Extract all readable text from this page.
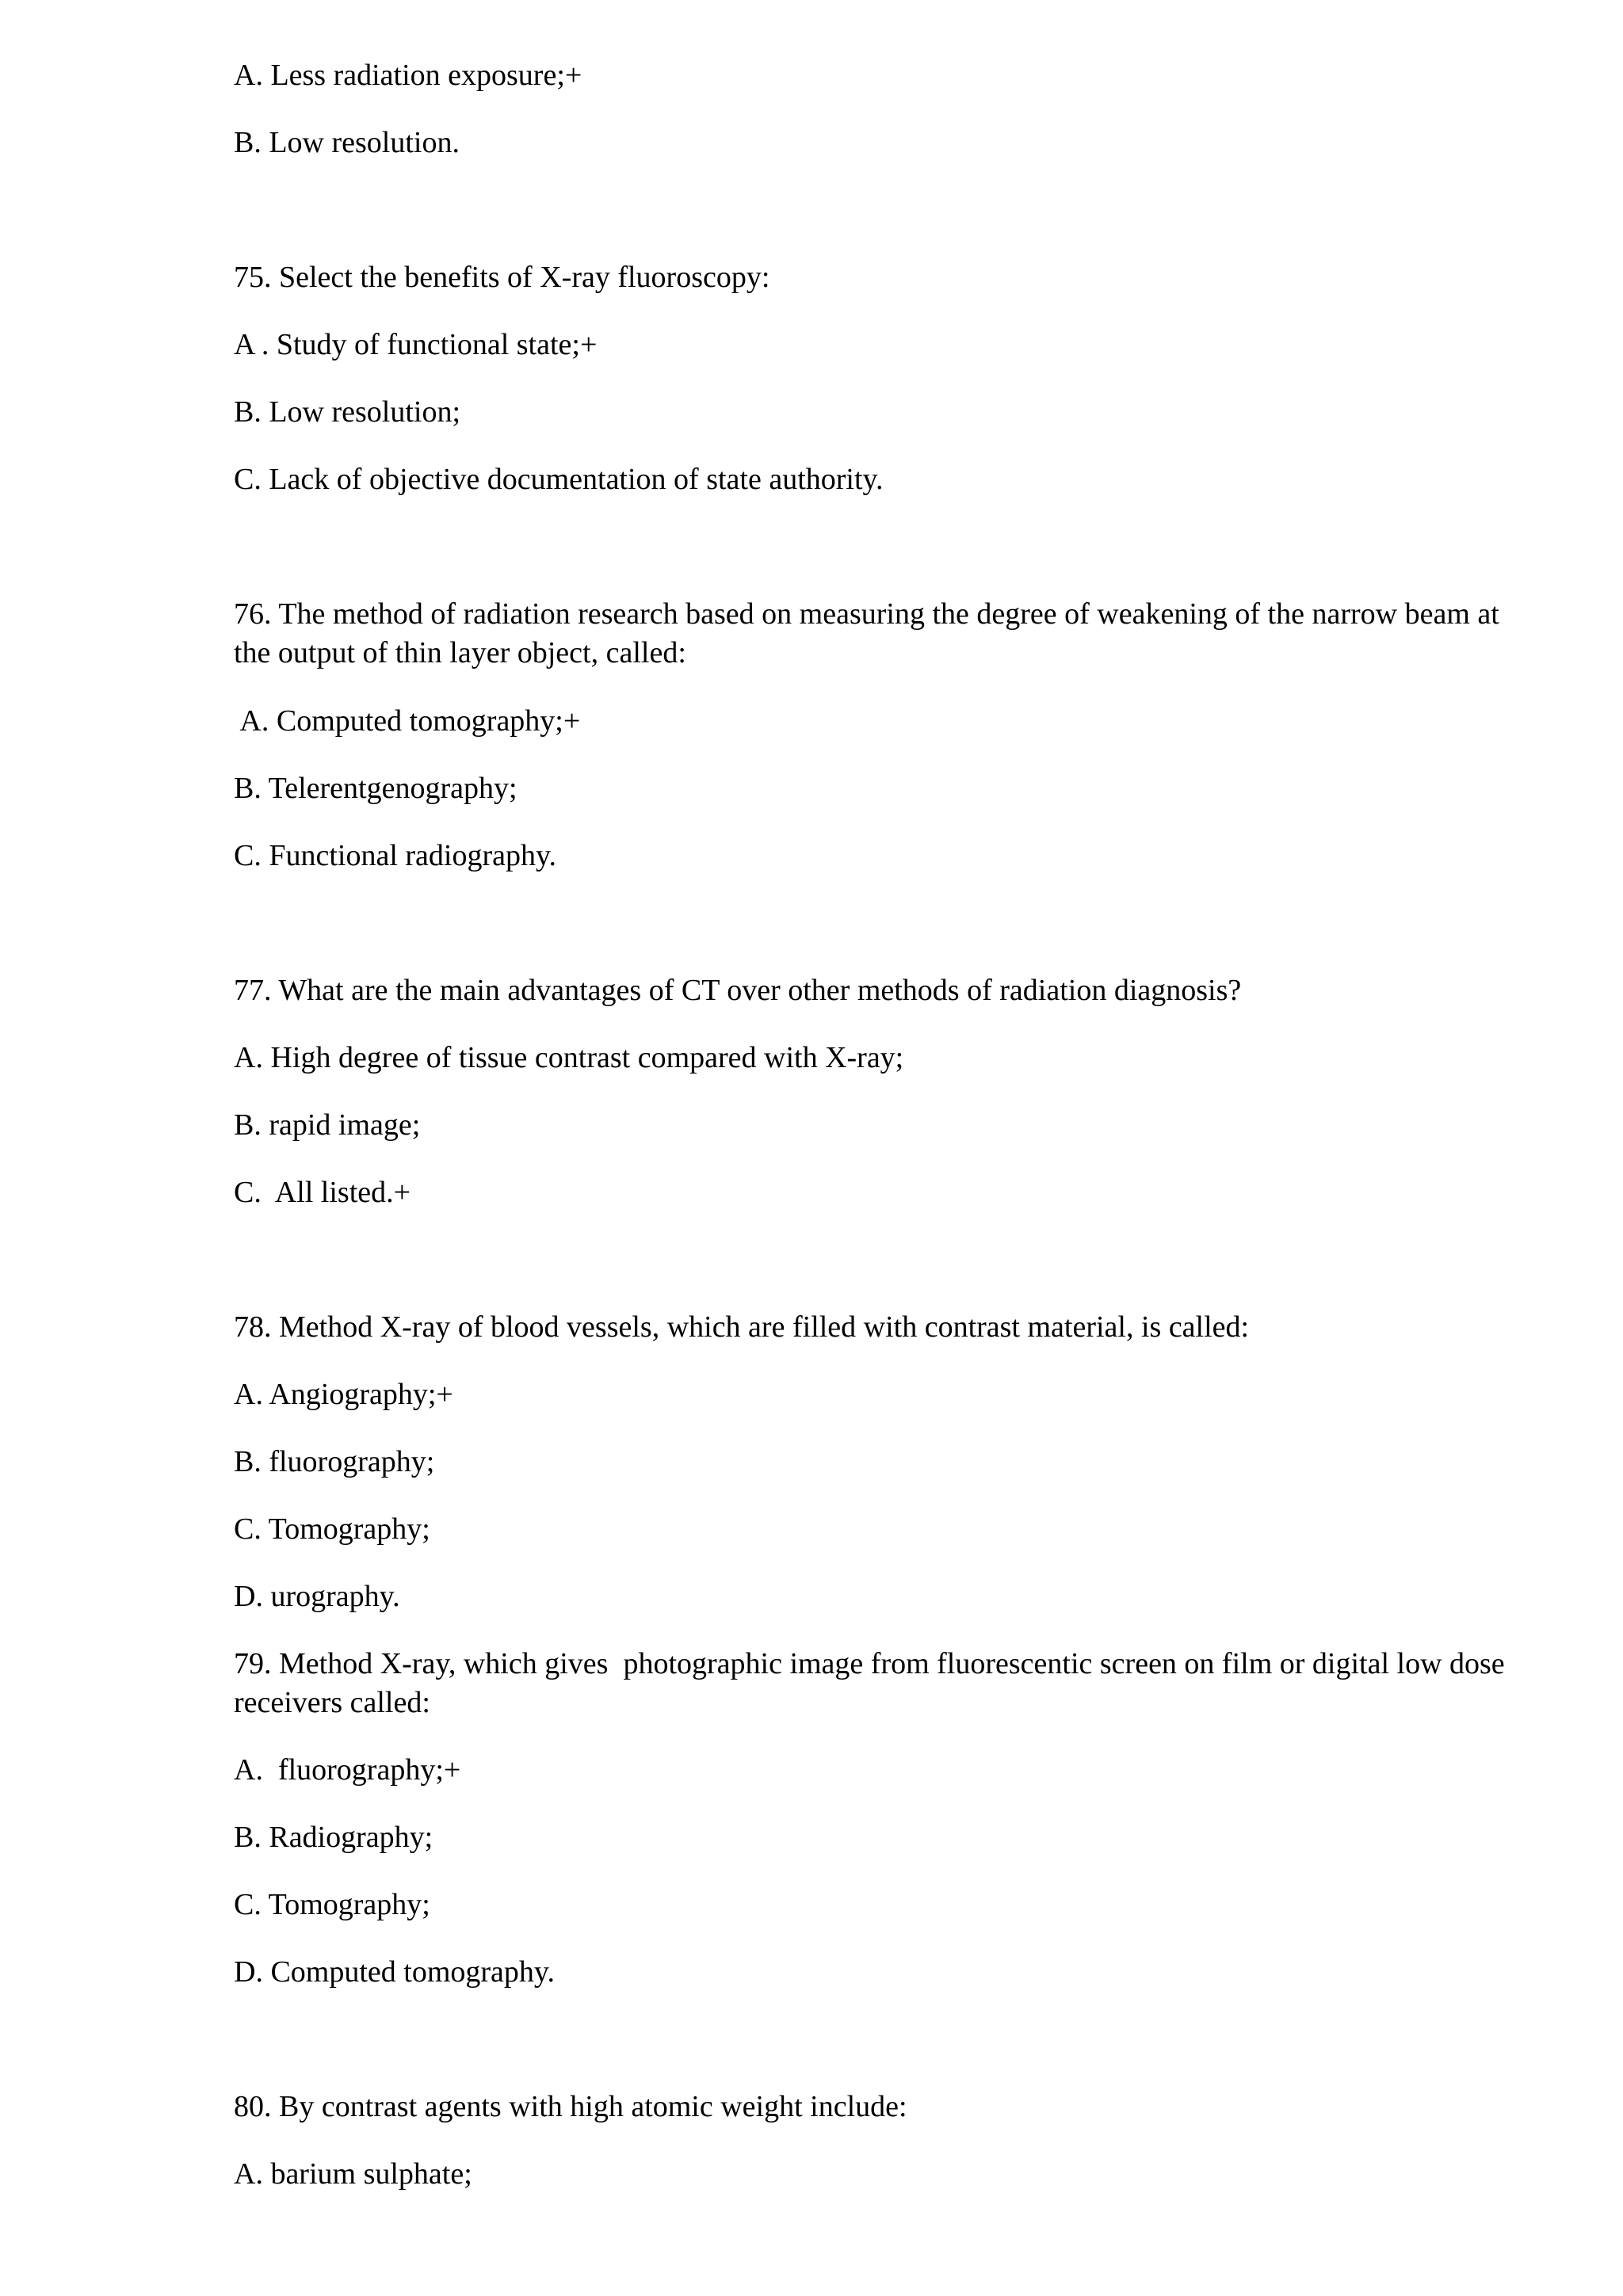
A. Less radiation exposure;+
B. Low resolution.
75. Select the benefits of X-ray fluoroscopy:
A . Study of functional state;+
B. Low resolution;
C. Lack of objective documentation of state authority.
76. The method of radiation research based on measuring the degree of weakening of the narrow beam at
the output of thin layer object, called:
A. Computed tomography;+
B. Telerentgenography;
C. Functional radiography.
77. What are the main advantages of CT over other methods of radiation diagnosis?
A. High degree of tissue contrast compared with X-ray;
B. rapid image;
C.  All listed.+
78. Method X-ray of blood vessels, which are filled with contrast material, is called:
A. Angiography;+
B. fluorography;
C. Tomography;
D. urography.
79. Method X-ray, which gives  photographic image from fluorescentic screen on film or digital low dose
receivers called:
A.  fluorography;+
B. Radiography;
C. Tomography;
D. Computed tomography.
80. By contrast agents with high atomic weight include:
A. barium sulphate;
